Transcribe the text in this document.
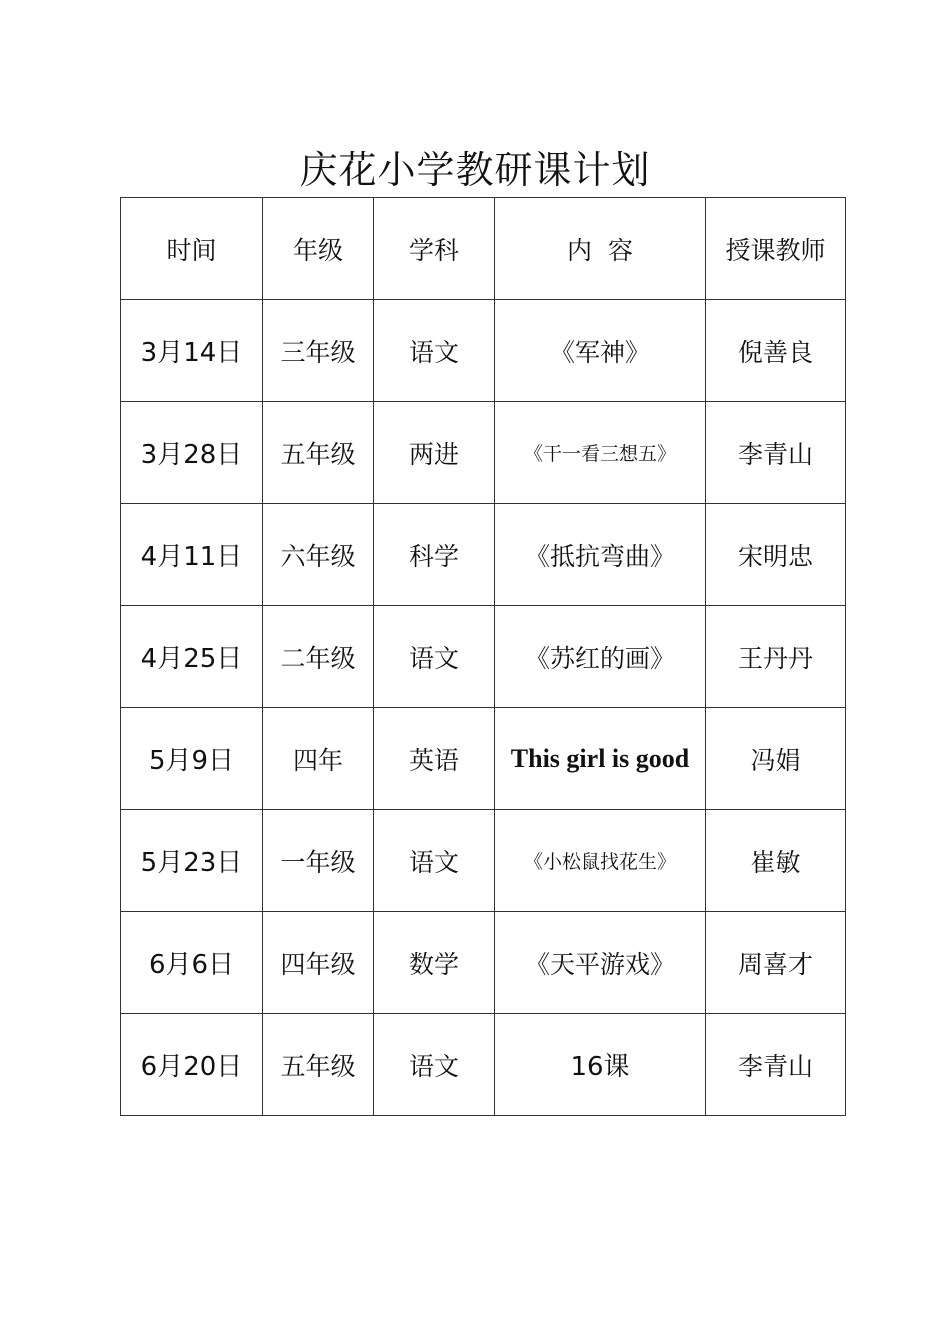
庆花小学教研课计划
时间	年级	学科	内  容	授课教师
3月14日	三年级	语文	《军神》	倪善良
3月28日	五年级	两进	《干一看三想五》	李青山
4月11日	六年级	科学	《抵抗弯曲》	宋明忠
4月25日	二年级	语文	《苏红的画》	王丹丹
5月9日	四年	英语	This girl is good	冯娟
5月23日	一年级	语文	《小松鼠找花生》	崔敏
6月6日	四年级	数学	《天平游戏》	周喜才
6月20日	五年级	语文	16课	李青山
